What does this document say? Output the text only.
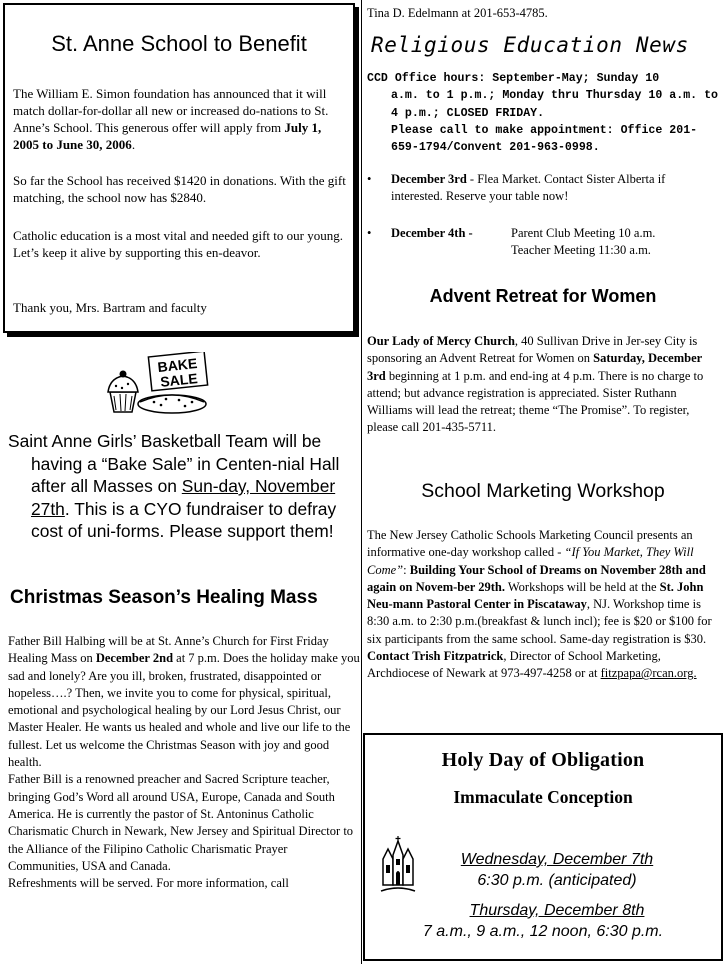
St. Anne School to Benefit

The William E. Simon foundation has announced that it will match dollar-for-dollar all new or increased do-nations to St. Anne’s School. This generous offer will apply from July 1, 2005 to June 30, 2006.

So far the School has received $1420 in donations. With the gift matching, the school now has $2840.

Catholic education is a most vital and needed gift to our young. Let’s keep it alive by supporting this en-deavor.

Thank you, Mrs. Bartram and faculty

BAKE
SALE

Saint Anne Girls’ Basketball Team will be having a “Bake Sale” in Centen-nial Hall after all Masses on Sun-day, November 27th. This is a CYO fundraiser to defray cost of uni-forms. Please support them!

Christmas Season’s Healing Mass

Father Bill Halbing will be at St. Anne’s Church for First Friday Healing Mass on December 2nd at 7 p.m. Does the holiday make you sad and lonely? Are you ill, broken, frustrated, disappointed or hopeless….? Then, we invite you to come for physical, spiritual, emotional and psychological healing by our Lord Jesus Christ, our Master Healer. He wants us healed and whole and live our life to the fullest. Let us welcome the Christmas Season with joy and good health.

Father Bill is a renowned preacher and Sacred Scripture teacher, bringing God’s Word all around USA, Europe, Canada and South America. He is currently the pastor of St. Antoninus Catholic Charismatic Church in Newark, New Jersey and Spiritual Director to the Alliance of the Filipino Catholic Charismatic Prayer Communities, USA and Canada.

Refreshments will be served. For more information, call

Tina D. Edelmann at 201-653-4785.

Religious Education News
CCD Office hours: September-May; Sunday 10
a.m. to 1 p.m.; Monday thru Thursday 10 a.m. to 4 p.m.; CLOSED FRIDAY.
Please call to make appointment: Office 201-659-1794/Convent 201-963-0998.
• December 3rd - Flea Market. Contact Sister Alberta if interested. Reserve your table now!
• December 4th -	Parent Club Meeting 10 a.m.
Teacher Meeting 11:30 a.m.
Advent Retreat for Women

Our Lady of Mercy Church, 40 Sullivan Drive in Jer-sey City is sponsoring an Advent Retreat for Women on Saturday, December 3rd beginning at 1 p.m. and end-ing at 4 p.m. There is no charge to attend; but advance registration is appreciated. Sister Ruthann Williams will lead the retreat; theme “The Promise”. To register, please call 201-435-5711.

School Marketing Workshop

The New Jersey Catholic Schools Marketing Council presents an informative one-day workshop called - “If You Market, They Will Come”: Building Your School of Dreams on November 28th and again on Novem-ber 29th. Workshops will be held at the St. John Neu-mann Pastoral Center in Piscataway, NJ. Workshop time is 8:30 a.m. to 2:30 p.m.(breakfast & lunch incl); fee is $20 or $100 for six participants from the same school. Same-day registration is $30. Contact Trish Fitzpatrick, Director of School Marketing, Archdiocese of Newark at 973-497-4258 or at fitzpapa@rcan.org.

Holy Day of Obligation
Immaculate Conception

Wednesday, December 7th

6:30 p.m. (anticipated)

Thursday, December 8th

7 a.m., 9 a.m., 12 noon, 6:30 p.m.
